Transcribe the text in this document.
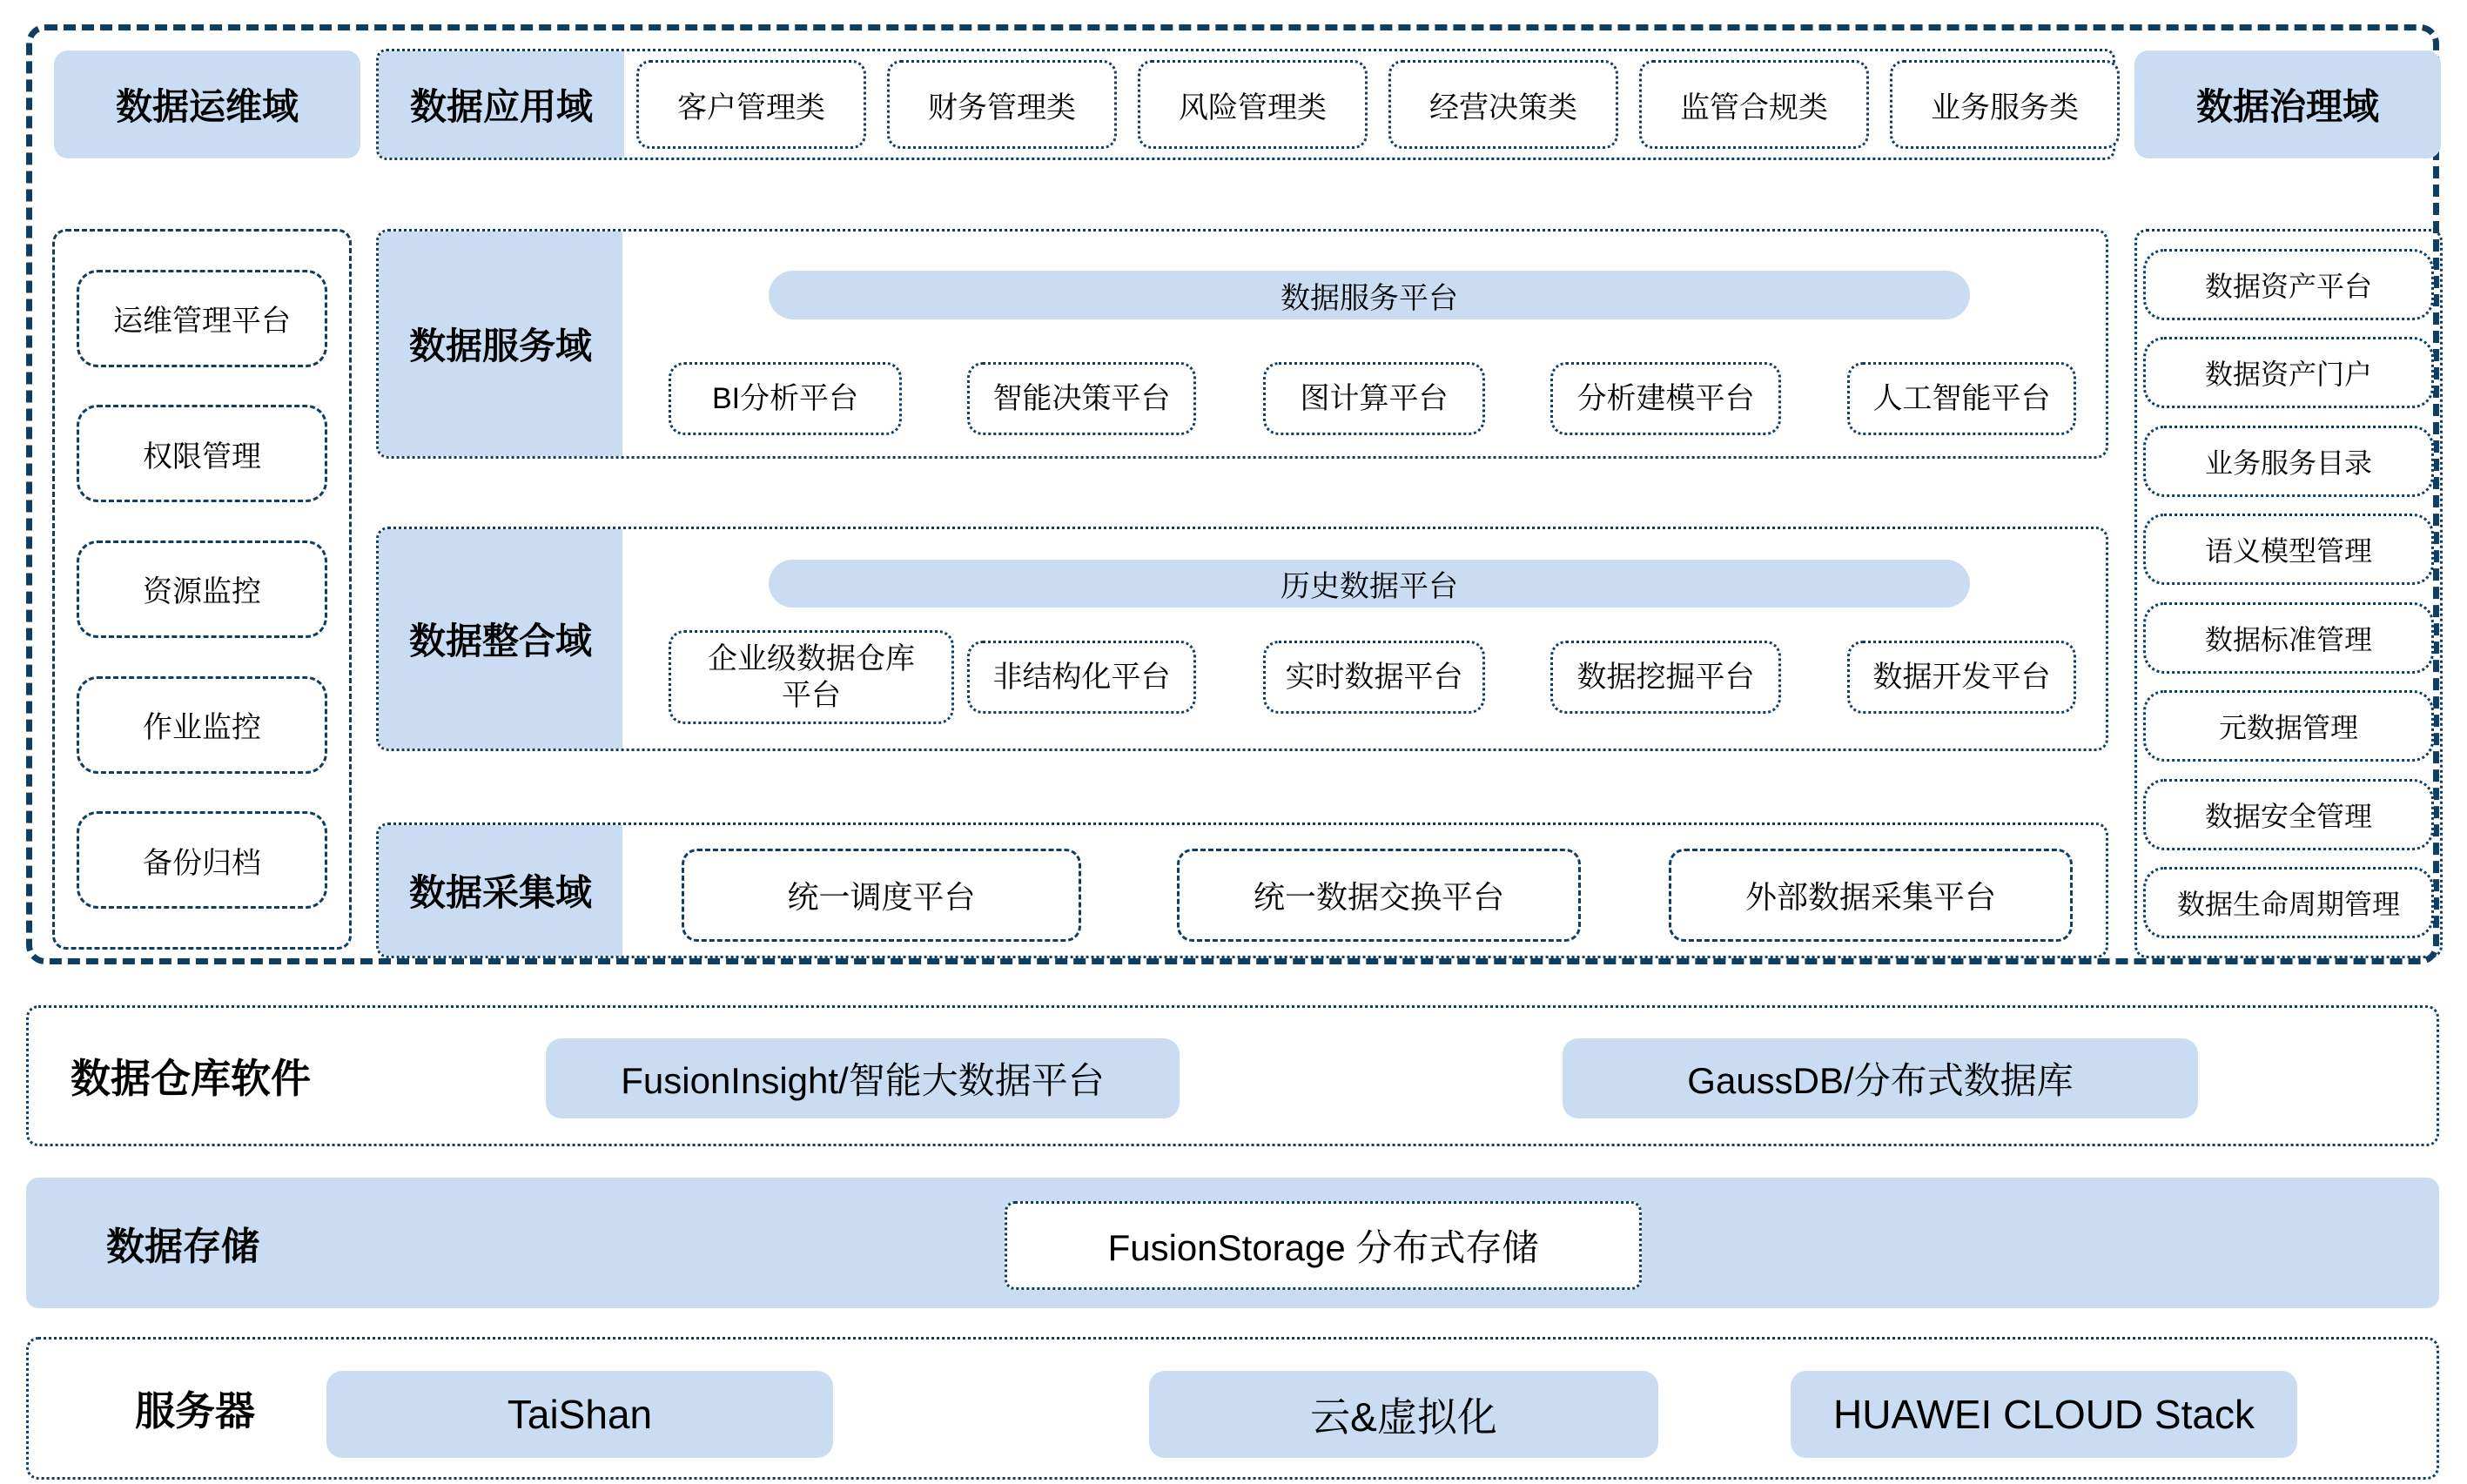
数据运维域	数据应用域	客户管理类	财务管理类	风险管理类	经营决策类	监管合规类	业务服务类	数据治理域
运维管理平台
权限管理
资源监控
作业监控
备份归档
数据服务域
数据服务平台
BI分析平台	智能决策平台	图计算平台	分析建模平台	人工智能平台
数据整合域
历史数据平台
企业级数据仓库平台
非结构化平台	实时数据平台	数据挖掘平台	数据开发平台
数据采集域	统一调度平台	统一数据交换平台	外部数据采集平台
数据资产平台
数据资产门户
业务服务目录
语义模型管理
数据标准管理
元数据管理
数据安全管理
数据生命周期管理
数据仓库软件	FusionInsight/智能大数据平台	GaussDB/分布式数据库
数据存储	FusionStorage 分布式存储
服务器	TaiShan	云&虚拟化	HUAWEI CLOUD Stack
